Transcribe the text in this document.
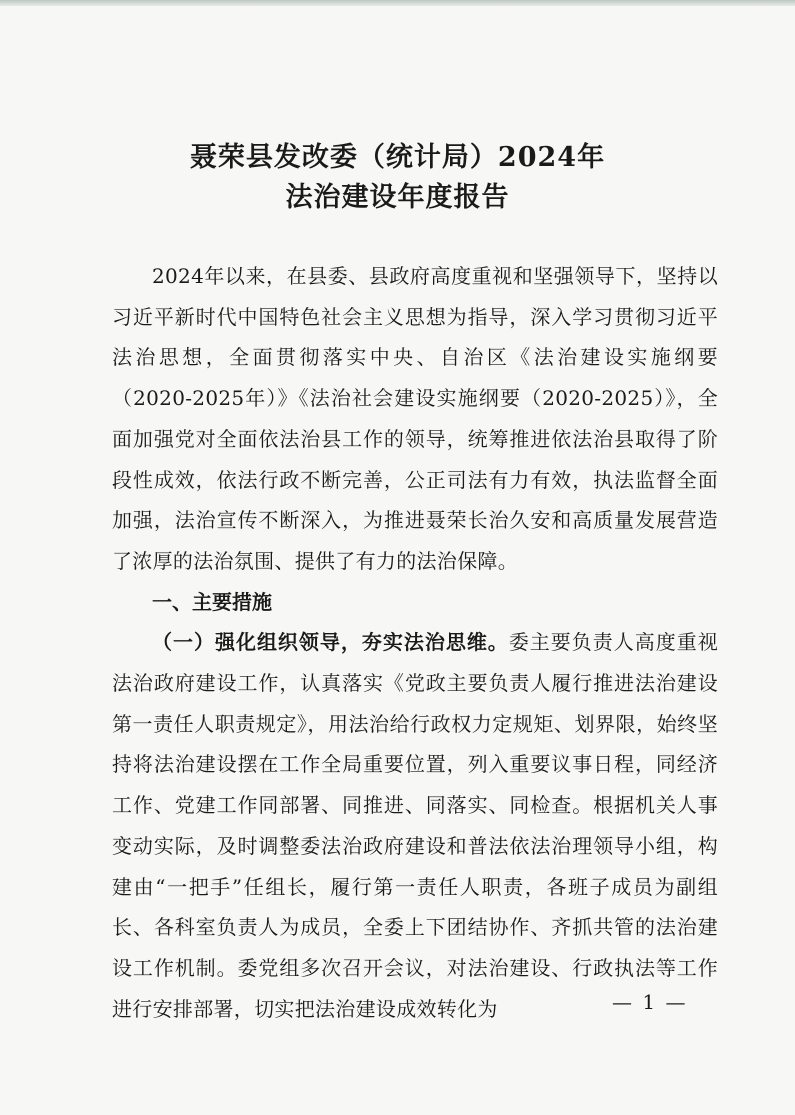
聂荣县发改委（统计局）2024年
法治建设年度报告

2024年以来，在县委、县政府高度重视和坚强领导下，坚持以习近平新时代中国特色社会主义思想为指导，深入学习贯彻习近平法治思想，全面贯彻落实中央、自治区《法治建设实施纲要（2020-2025年）》《法治社会建设实施纲要（2020-2025）》，全面加强党对全面依法治县工作的领导，统筹推进依法治县取得了阶段性成效，依法行政不断完善，公正司法有力有效，执法监督全面加强，法治宣传不断深入，为推进聂荣长治久安和高质量发展营造了浓厚的法治氛围、提供了有力的法治保障。

一、主要措施

（一）强化组织领导，夯实法治思维。委主要负责人高度重视法治政府建设工作，认真落实《党政主要负责人履行推进法治建设第一责任人职责规定》，用法治给行政权力定规矩、划界限，始终坚持将法治建设摆在工作全局重要位置，列入重要议事日程，同经济工作、党建工作同部署、同推进、同落实、同检查。根据机关人事变动实际，及时调整委法治政府建设和普法依法治理领导小组，构建由“一把手”任组长，履行第一责任人职责，各班子成员为副组长、各科室负责人为成员，全委上下团结协作、齐抓共管的法治建设工作机制。委党组多次召开会议，对法治建设、行政执法等工作进行安排部署，切实把法治建设成效转化为	— 1 —
